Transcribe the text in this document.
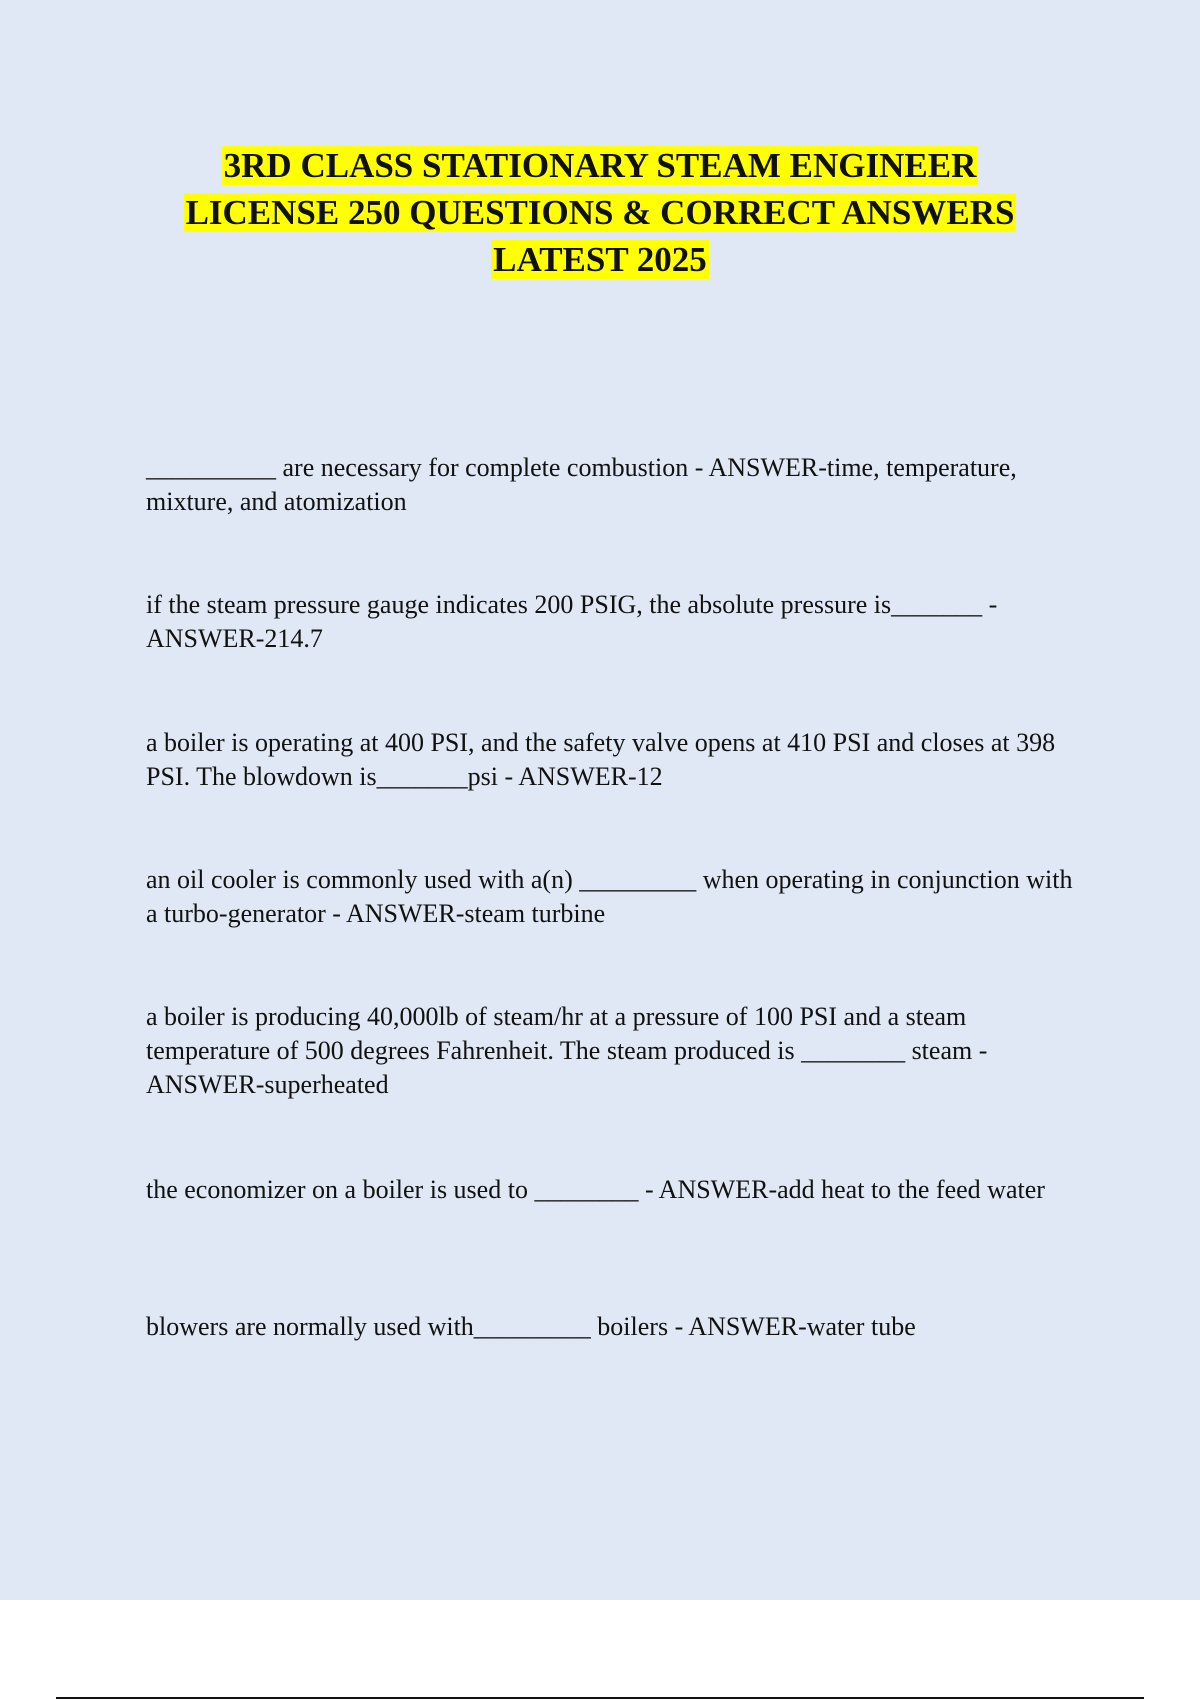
3RD CLASS STATIONARY STEAM ENGINEER
LICENSE 250 QUESTIONS & CORRECT ANSWERS
LATEST 2025
__________ are necessary for complete combustion - ANSWER-time, temperature, mixture, and atomization
if the steam pressure gauge indicates 200 PSIG, the absolute pressure is_______ - ANSWER-214.7
a boiler is operating at 400 PSI, and the safety valve opens at 410 PSI and closes at 398 PSI. The blowdown is_______psi - ANSWER-12
an oil cooler is commonly used with a(n) _________ when operating in conjunction with a turbo-generator - ANSWER-steam turbine
a boiler is producing 40,000lb of steam/hr at a pressure of 100 PSI and a steam temperature of 500 degrees Fahrenheit. The steam produced is ________ steam - ANSWER-superheated
the economizer on a boiler is used to ________ - ANSWER-add heat to the feed water
blowers are normally used with_________ boilers - ANSWER-water tube
